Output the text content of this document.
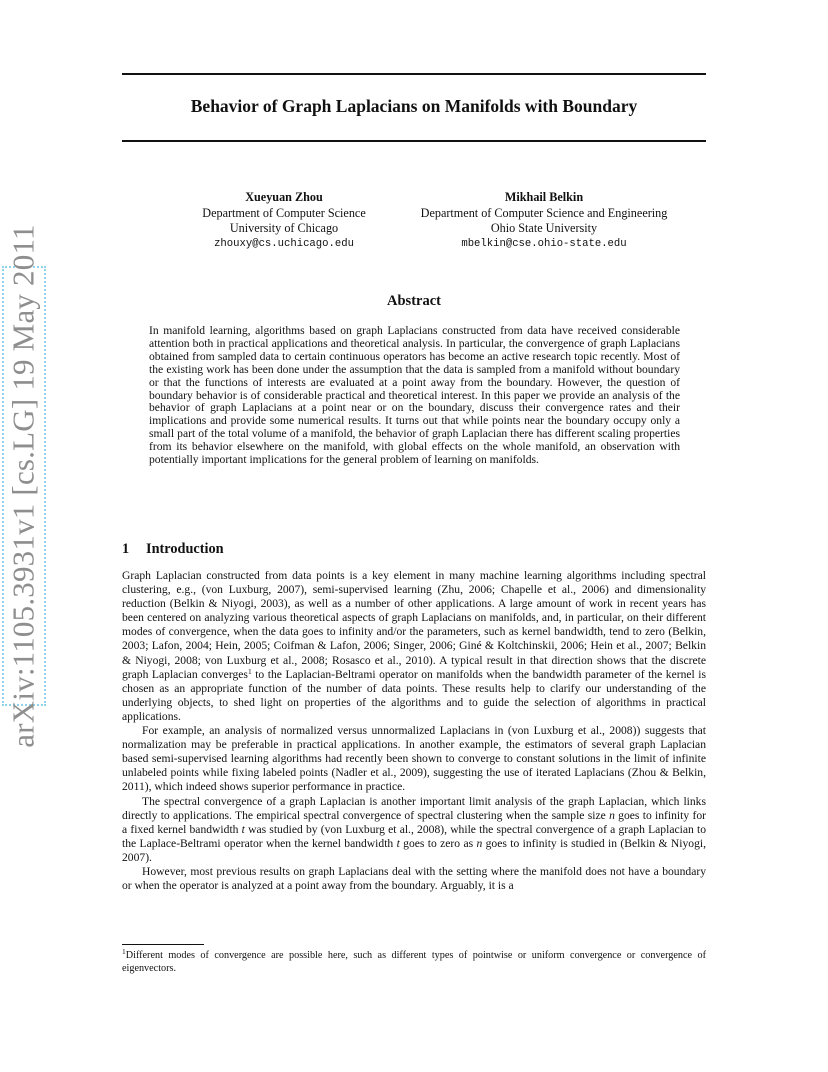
Behavior of Graph Laplacians on Manifolds with Boundary
Xueyuan Zhou
Department of Computer Science
University of Chicago
zhouxy@cs.uchicago.edu
Mikhail Belkin
Department of Computer Science and Engineering
Ohio State University
mbelkin@cse.ohio-state.edu
arXiv:1105.3931v1 [cs.LG] 19 May 2011	Abstract
In manifold learning, algorithms based on graph Laplacians constructed from data have received considerable attention both in practical applications and theoretical analysis. In particular, the convergence of graph Laplacians obtained from sampled data to certain continuous operators has become an active research topic recently. Most of the existing work has been done under the assumption that the data is sampled from a manifold without boundary or that the functions of interests are evaluated at a point away from the boundary. However, the question of boundary behavior is of considerable practical and theoretical interest. In this paper we provide an analysis of the behavior of graph Laplacians at a point near or on the boundary, discuss their convergence rates and their implications and provide some numerical results. It turns out that while points near the boundary occupy only a small part of the total volume of a manifold, the behavior of graph Laplacian there has different scaling properties from its behavior elsewhere on the manifold, with global effects on the whole manifold, an observation with potentially important implications for the general problem of learning on manifolds.
1 Introduction

Graph Laplacian constructed from data points is a key element in many machine learning algorithms including spectral clustering, e.g., (von Luxburg, 2007), semi-supervised learning (Zhu, 2006; Chapelle et al., 2006) and dimensionality reduction (Belkin & Niyogi, 2003), as well as a number of other applications. A large amount of work in recent years has been centered on analyzing various theoretical aspects of graph Laplacians on manifolds, and, in particular, on their different modes of convergence, when the data goes to infinity and/or the parameters, such as kernel bandwidth, tend to zero (Belkin, 2003; Lafon, 2004; Hein, 2005; Coifman & Lafon, 2006; Singer, 2006; Giné & Koltchinskii, 2006; Hein et al., 2007; Belkin & Niyogi, 2008; von Luxburg et al., 2008; Rosasco et al., 2010). A typical result in that direction shows that the discrete graph Laplacian converges$^1$ to the Laplacian-Beltrami operator on manifolds when the bandwidth parameter of the kernel is chosen as an appropriate function of the number of data points. These results help to clarify our understanding of the underlying objects, to shed light on properties of the algorithms and to guide the selection of algorithms in practical applications.

For example, an analysis of normalized versus unnormalized Laplacians in (von Luxburg et al., 2008)) suggests that normalization may be preferable in practical applications. In another example, the estimators of several graph Laplacian based semi-supervised learning algorithms had recently been shown to converge to constant solutions in the limit of infinite unlabeled points while fixing labeled points (Nadler et al., 2009), suggesting the use of iterated Laplacians (Zhou & Belkin, 2011), which indeed shows superior performance in practice.

The spectral convergence of a graph Laplacian is another important limit analysis of the graph Laplacian, which links directly to applications. The empirical spectral convergence of spectral clustering when the sample size n goes to infinity for a fixed kernel bandwidth t was studied by (von Luxburg et al., 2008), while the spectral convergence of a graph Laplacian to the Laplace-Beltrami operator when the kernel bandwidth t goes to zero as n goes to infinity is studied in (Belkin & Niyogi, 2007).

However, most previous results on graph Laplacians deal with the setting where the manifold does not have a boundary or when the operator is analyzed at a point away from the boundary. Arguably, it is a

$^1$Different modes of convergence are possible here, such as different types of pointwise or uniform convergence or convergence of eigenvectors.
